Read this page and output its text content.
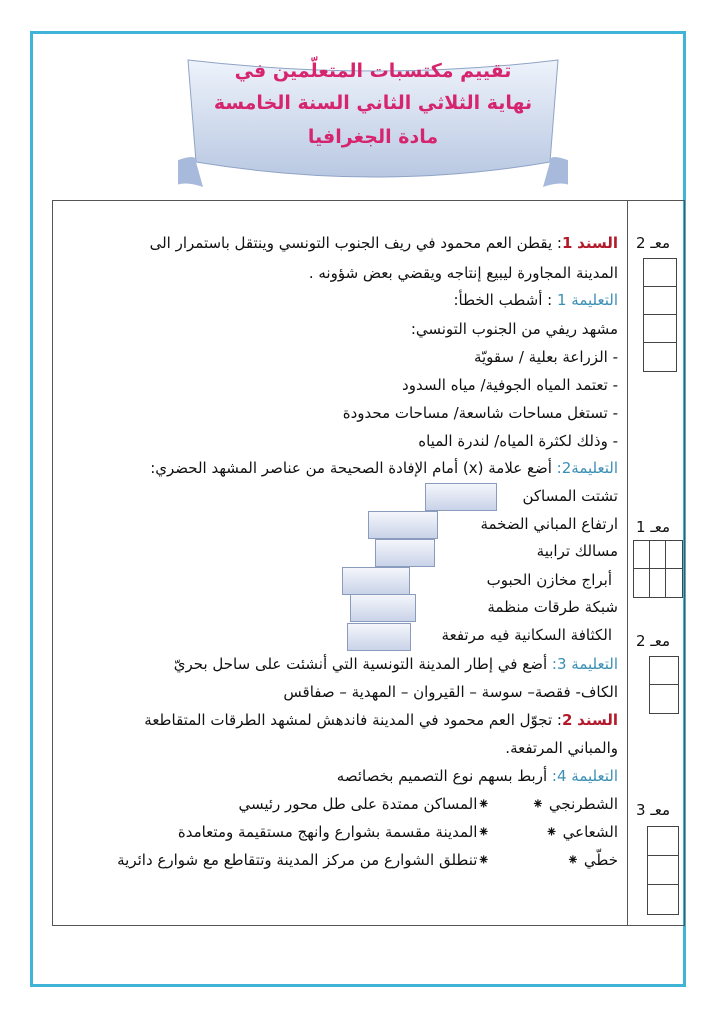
تقييم مكتسبات المتعلّمين في
نهاية الثلاثي الثاني السنة الخامسة
مادة الجغرافيا
السند 1: يقطن العم محمود في ريف الجنوب التونسي وينتقل باستمرار الى
المدينة المجاورة ليبيع إنتاجه ويقضي بعض شؤونه .
التعليمة 1 : أشطب الخطأ:
مشهد ريفي من الجنوب التونسي:
- الزراعة بعلية / سقويّة
- تعتمد المياه الجوفية/ مياه السدود
- تستغل مساحات شاسعة/ مساحات محدودة
- وذلك لكثرة المياه/ لندرة المياه
التعليمة2: أضع علامة (x) أمام الإفادة الصحيحة من عناصر المشهد الحضري:
تشتت المساكن
ارتفاع المباني الضخمة
مسالك ترابية
أبراج مخازن الحبوب
شبكة طرقات منظمة
الكثافة السكانية فيه مرتفعة
التعليمة 3: أضع في إطار المدينة التونسية التي أنشئت على ساحل بحريّ
الكاف- فقصة– سوسة – القيروان – المهدية – صفاقس
السند 2: تجوّل العم محمود في المدينة فاندهش لمشهد الطرقات المتقاطعة
والمباني المرتفعة.
التعليمة 4: أربط بسهم نوع التصميم بخصائصه
الشطرنجي ⁕
الشعاعي ⁕
خطّي ⁕
⁕المساكن ممتدة على طل محور رئيسي
⁕المدينة مقسمة بشوارع وانهج مستقيمة ومتعامدة
⁕تنطلق الشوارع من مركز المدينة وتتقاطع مع شوارع دائرية
معـ 2
معـ 1
معـ 2
معـ 3
